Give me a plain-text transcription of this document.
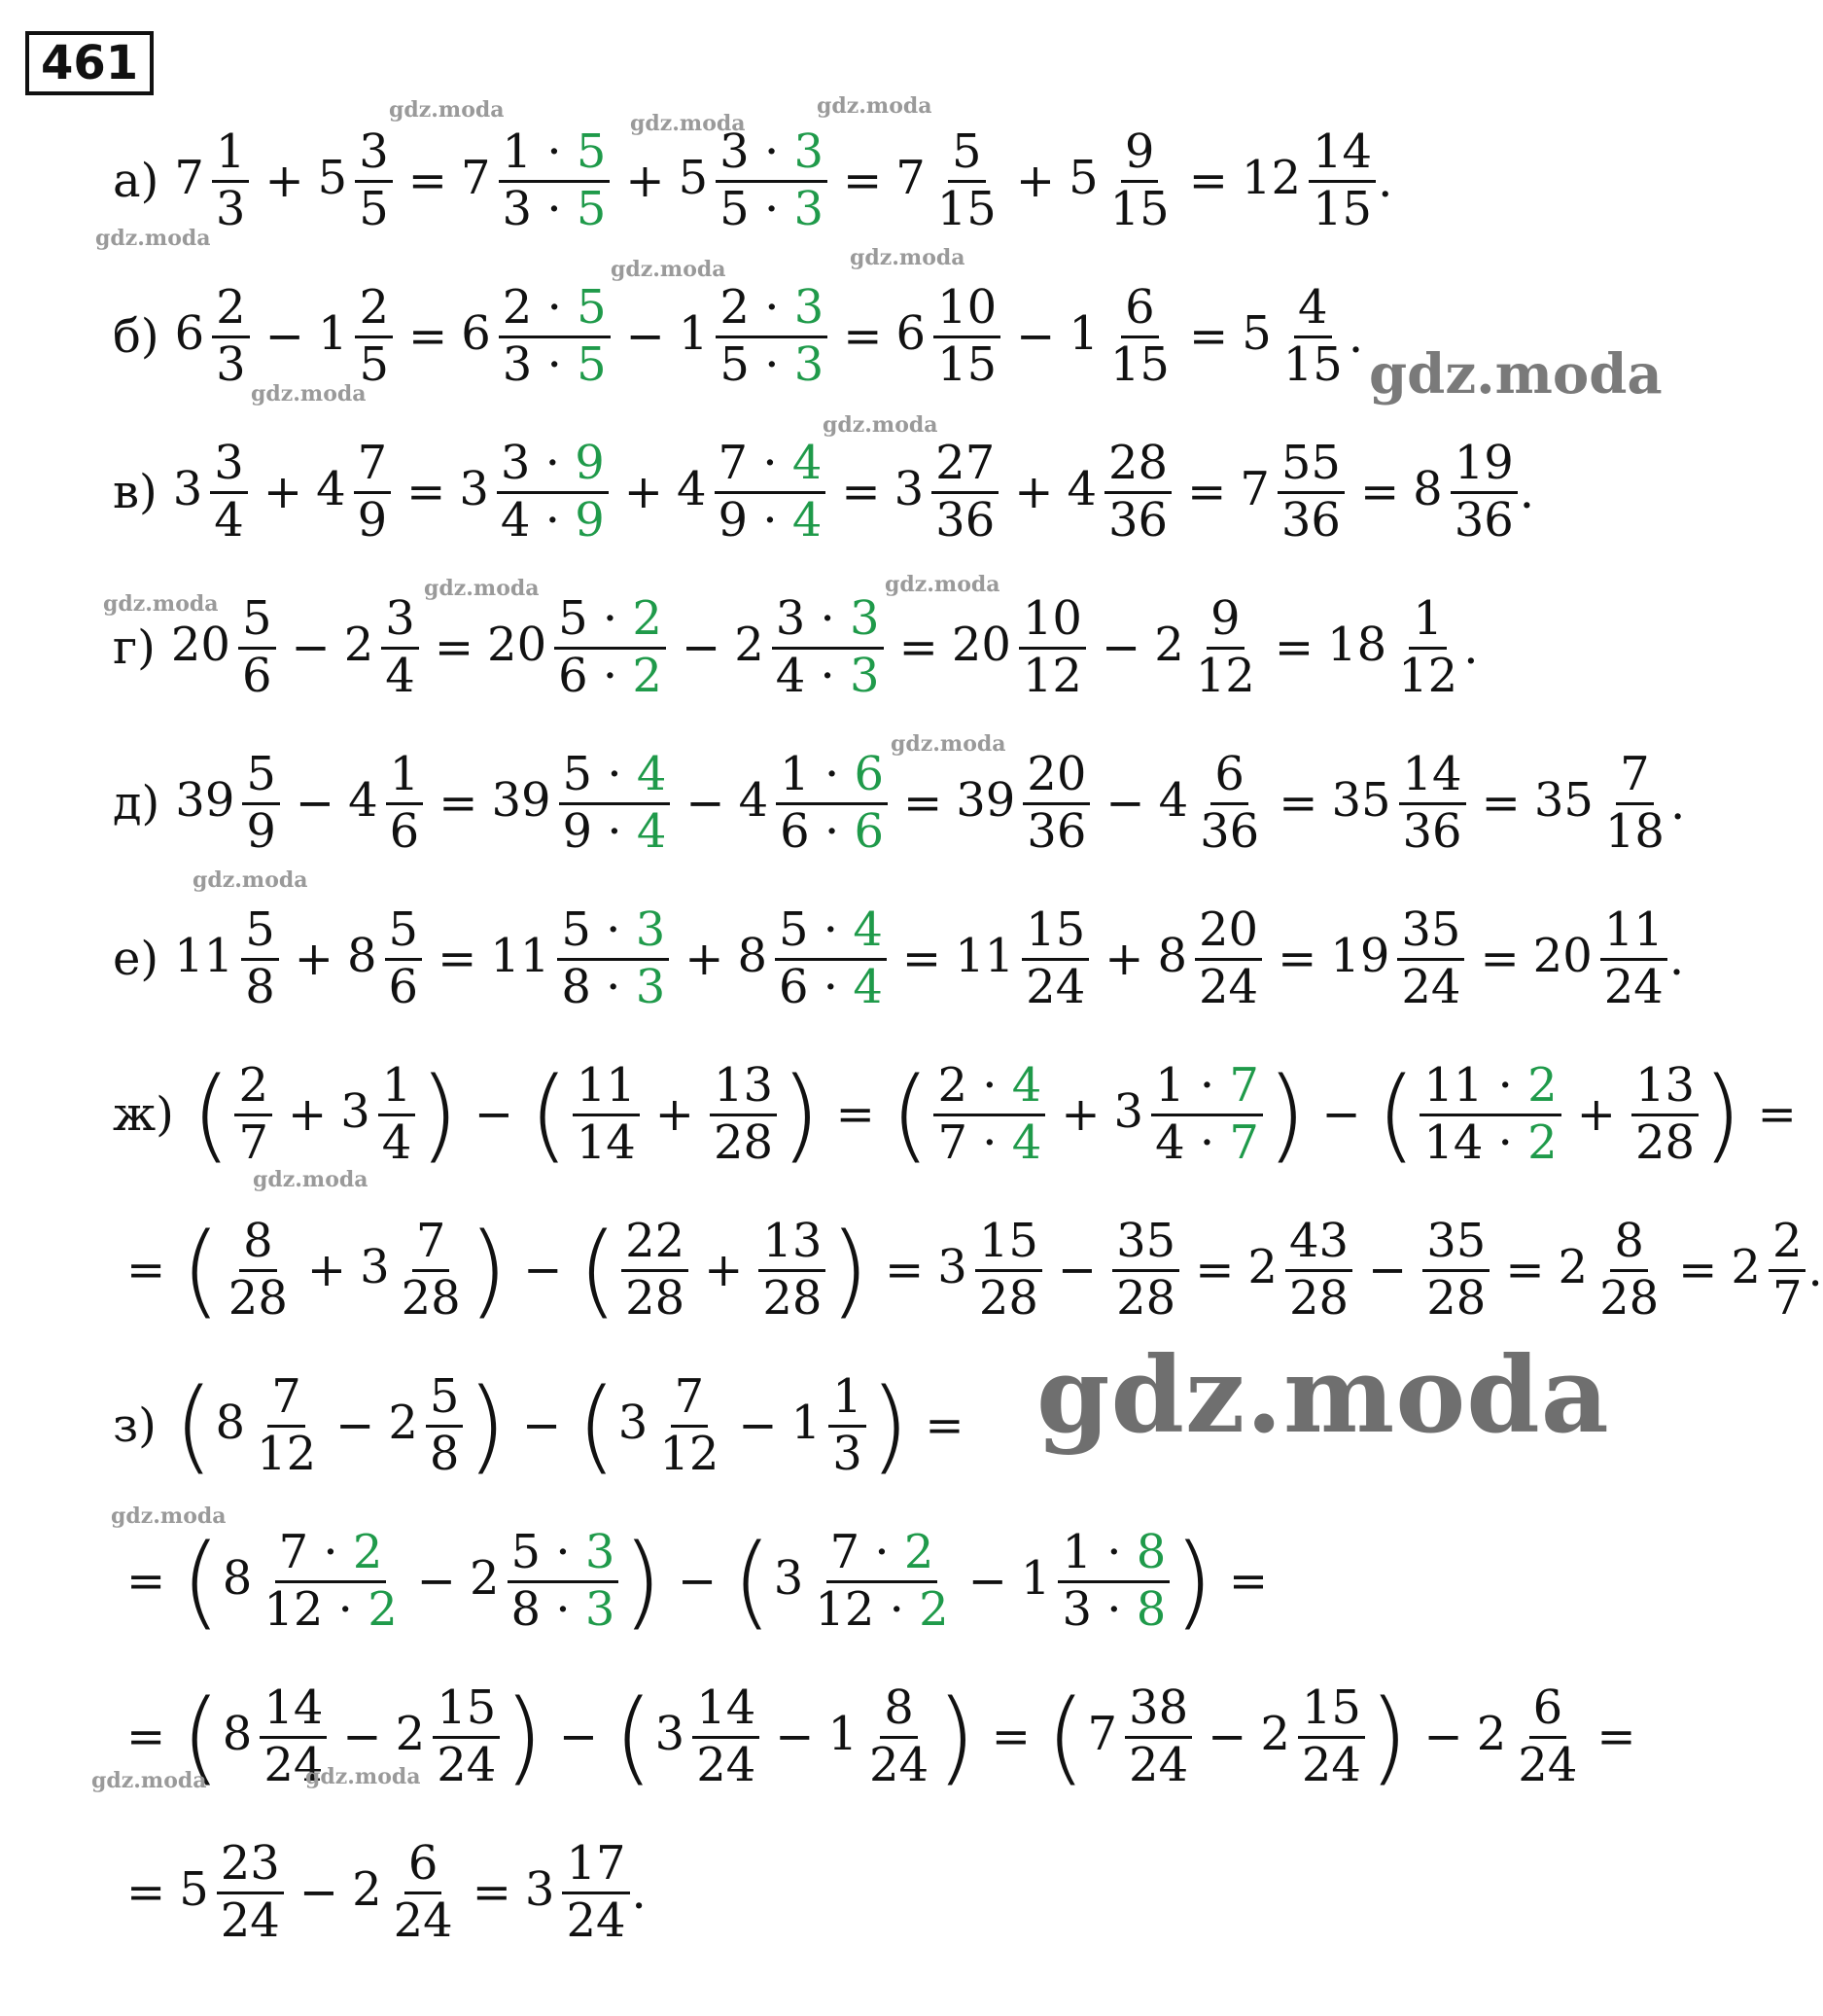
461
а) $7 \frac{1}{3} + 5 \frac{3}{5} = 7 \frac{1 \cdot 5}{3 \cdot 5} + 5 \frac{3 \cdot 3}{5 \cdot 3} = 7 \frac{5}{15} + 5 \frac{9}{15} = 12 \frac{14}{15}$ .
б) $6 \frac{2}{3} - 1 \frac{2}{5} = 6 \frac{2 \cdot 5}{3 \cdot 5} - 1 \frac{2 \cdot 3}{5 \cdot 3} = 6 \frac{10}{15} - 1 \frac{6}{15} = 5 \frac{4}{15}$ .
в) $3 \frac{3}{4} + 4 \frac{7}{9} = 3 \frac{3 \cdot 9}{4 \cdot 9} + 4 \frac{7 \cdot 4}{9 \cdot 4} = 3 \frac{27}{36} + 4 \frac{28}{36} = 7 \frac{55}{36} = 8 \frac{19}{36}$ .
г) $20 \frac{5}{6} - 2 \frac{3}{4} = 20 \frac{5 \cdot 2}{6 \cdot 2} - 2 \frac{3 \cdot 3}{4 \cdot 3} = 20 \frac{10}{12} - 2 \frac{9}{12} = 18 \frac{1}{12}$ .
д) $39 \frac{5}{9} - 4 \frac{1}{6} = 39 \frac{5 \cdot 4}{9 \cdot 4} - 4 \frac{1 \cdot 6}{6 \cdot 6} = 39 \frac{20}{36} - 4 \frac{6}{36} = 35 \frac{14}{36} = 35 \frac{7}{18}$ .
е) $11 \frac{5}{8} + 8 \frac{5}{6} = 11 \frac{5 \cdot 3}{8 \cdot 3} + 8 \frac{5 \cdot 4}{6 \cdot 4} = 11 \frac{15}{24} + 8 \frac{20}{24} = 19 \frac{35}{24} = 20 \frac{11}{24}$ .
ж) ( $\frac{2}{7} + 3 \frac{1}{4}$ ) − ( $\frac{11}{14} + \frac{13}{28}$ ) = ( $\frac{2 \cdot 4}{7 \cdot 4} + 3 \frac{1 \cdot 7}{4 \cdot 7}$ ) − ( $\frac{11 \cdot 2}{14 \cdot 2} + \frac{13}{28}$ ) =
= ( $\frac{8}{28} + 3 \frac{7}{28}$ ) − ( $\frac{22}{28} + \frac{13}{28}$ ) = $3 \frac{15}{28} - \frac{35}{28} = 2 \frac{43}{28} - \frac{35}{28} = 2 \frac{8}{28} = 2 \frac{2}{7}$ .
з) ( $8 \frac{7}{12} - 2 \frac{5}{8}$ ) − ( $3 \frac{7}{12} - 1 \frac{1}{3}$ ) =
= ( $8 \frac{7 \cdot 2}{12 \cdot 2} - 2 \frac{5 \cdot 3}{8 \cdot 3}$ ) − ( $3 \frac{7 \cdot 2}{12 \cdot 2} - 1 \frac{1 \cdot 8}{3 \cdot 8}$ ) =
= ( $8 \frac{14}{24} - 2 \frac{15}{24}$ ) − ( $3 \frac{14}{24} - 1 \frac{8}{24}$ ) = ( $7 \frac{38}{24} - 2 \frac{15}{24}$ ) − $2 \frac{6}{24}$ =
= $5 \frac{23}{24} - 2 \frac{6}{24} = 3 \frac{17}{24}$ .
gdz.moda
gdz.moda
gdz.moda
gdz.moda
gdz.moda	gdz.moda
gdz.moda	gdz.moda
gdz.moda
gdz.moda
gdz.moda	gdz.moda
gdz.moda
gdz.moda
gdz.moda
gdz.moda
gdz.moda
gdz.moda	gdz.moda
